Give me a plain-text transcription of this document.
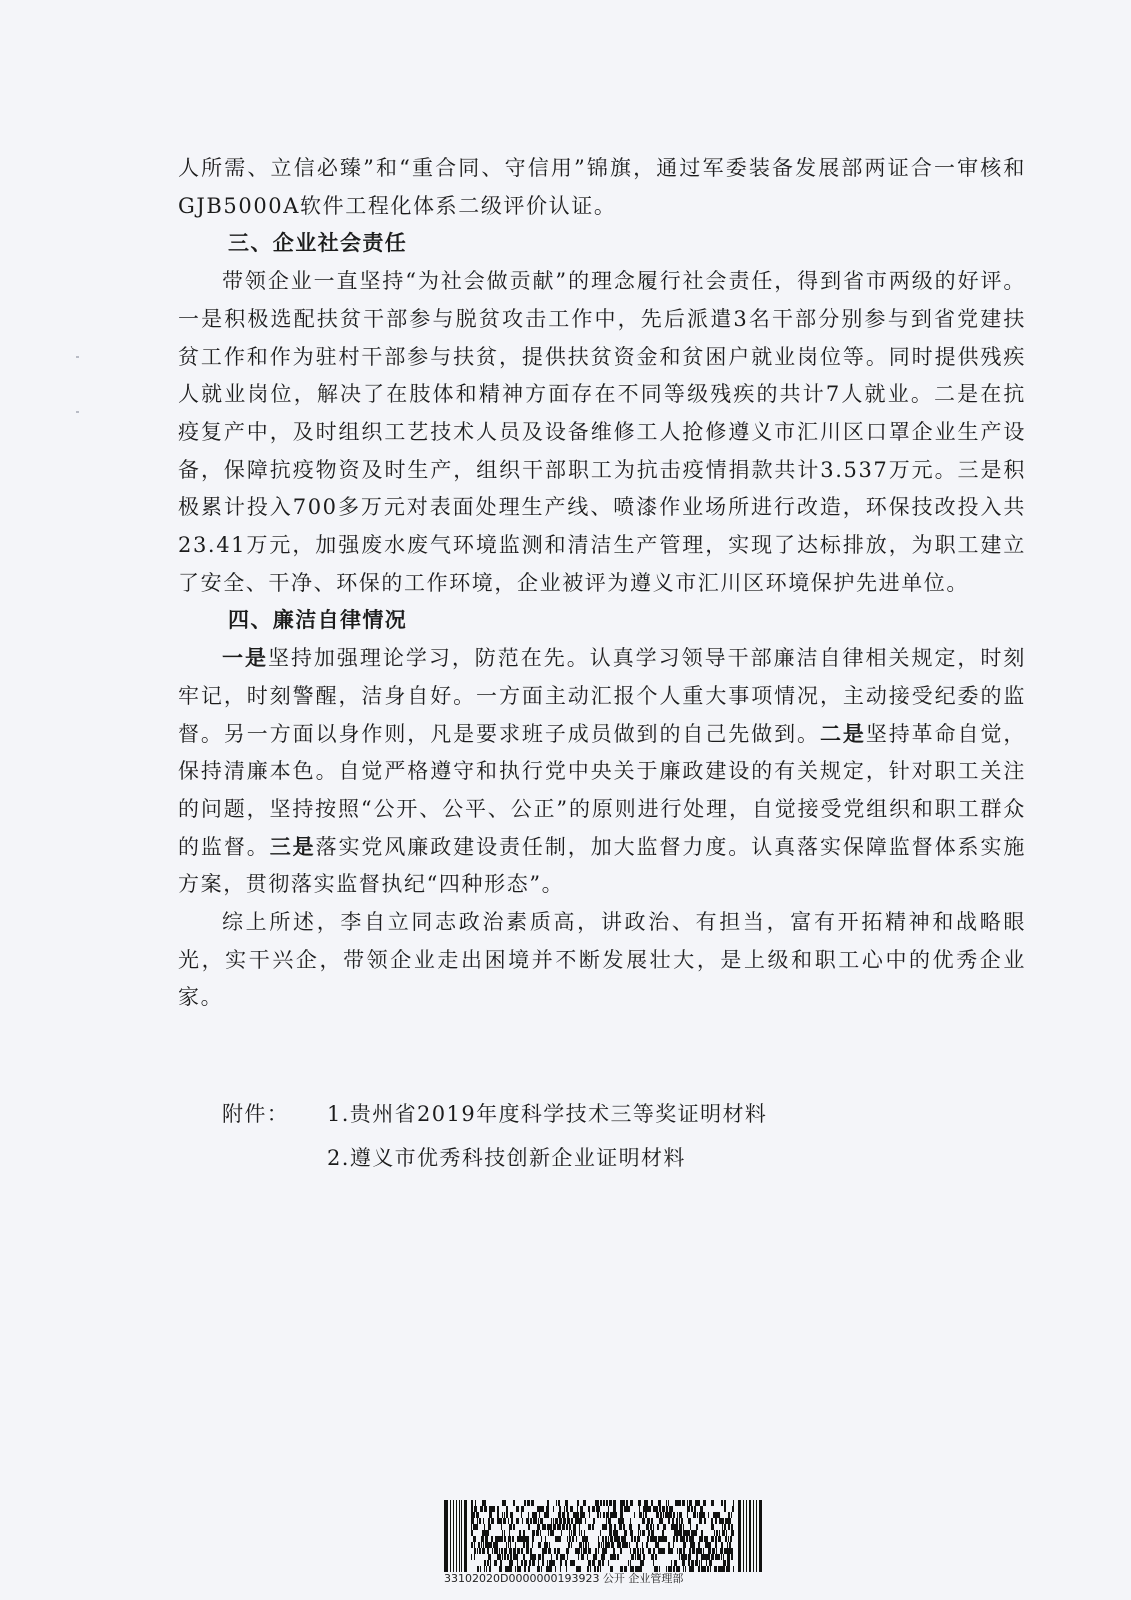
人所需、立信必臻”和“重合同、守信用”锦旗，通过军委装备发展部两证合一审核和GJB5000A软件工程化体系二级评价认证。

三、企业社会责任

带领企业一直坚持“为社会做贡献”的理念履行社会责任，得到省市两级的好评。一是积极选配扶贫干部参与脱贫攻击工作中，先后派遣3名干部分别参与到省党建扶贫工作和作为驻村干部参与扶贫，提供扶贫资金和贫困户就业岗位等。同时提供残疾人就业岗位，解决了在肢体和精神方面存在不同等级残疾的共计7人就业。二是在抗疫复产中，及时组织工艺技术人员及设备维修工人抢修遵义市汇川区口罩企业生产设备，保障抗疫物资及时生产，组织干部职工为抗击疫情捐款共计3.537万元。三是积极累计投入700多万元对表面处理生产线、喷漆作业场所进行改造，环保技改投入共23.41万元，加强废水废气环境监测和清洁生产管理，实现了达标排放，为职工建立了安全、干净、环保的工作环境，企业被评为遵义市汇川区环境保护先进单位。

四、廉洁自律情况

一是坚持加强理论学习，防范在先。认真学习领导干部廉洁自律相关规定，时刻牢记，时刻警醒，洁身自好。一方面主动汇报个人重大事项情况，主动接受纪委的监督。另一方面以身作则，凡是要求班子成员做到的自己先做到。二是坚持革命自觉，保持清廉本色。自觉严格遵守和执行党中央关于廉政建设的有关规定，针对职工关注的问题，坚持按照“公开、公平、公正”的原则进行处理，自觉接受党组织和职工群众的监督。三是落实党风廉政建设责任制，加大监督力度。认真落实保障监督体系实施方案，贯彻落实监督执纪“四种形态”。

综上所述，李自立同志政治素质高，讲政治、有担当，富有开拓精神和战略眼光，实干兴企，带领企业走出困境并不断发展壮大，是上级和职工心中的优秀企业家。

附件：	1.贵州省2019年度科学技术三等奖证明材料
2.遵义市优秀科技创新企业证明材料
33102020D0000000193923 公开 企业管理部
